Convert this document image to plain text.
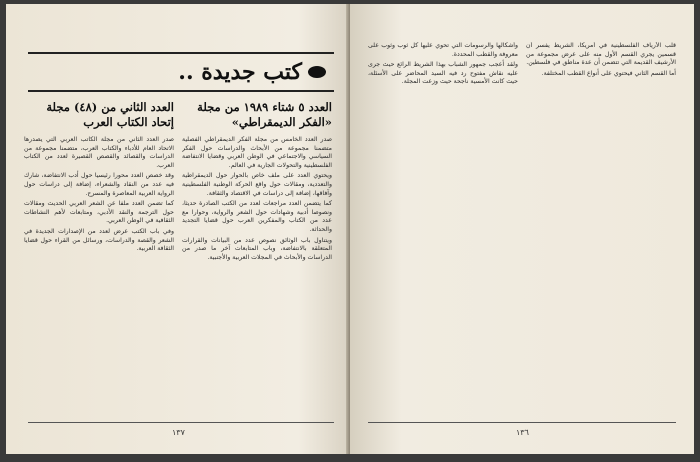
كتب جديدة ..
العدد ٥ شتاء ١٩٨٩ من مجلة «الفكر الديمقراطي»

صدر العدد الخامس من مجلة الفكر الديمقراطي الفصلية متضمنا مجموعة من الأبحاث والدراسات حول الفكر السياسي والاجتماعي في الوطن العربي وقضايا الانتفاضة الفلسطينية والتحولات الجارية في العالم.

ويحتوي العدد على ملف خاص بالحوار حول الديمقراطية والتعددية، ومقالات حول واقع الحركة الوطنية الفلسطينية وآفاقها، إضافة إلى دراسات في الاقتصاد والثقافة.

كما يتضمن العدد مراجعات لعدد من الكتب الصادرة حديثا، ونصوصا أدبية وشهادات حول الشعر والرواية، وحوارا مع عدد من الكتاب والمفكرين العرب حول قضايا التجديد والحداثة.

ويتناول باب الوثائق نصوص عدد من البيانات والقرارات المتعلقة بالانتفاضة، وباب المتابعات آخر ما صدر من الدراسات والأبحاث في المجلات العربية والأجنبية.

العدد الثاني من (٤٨) مجلة إتحاد الكتاب العرب

صدر العدد الثاني من مجلة الكاتب العربي التي يصدرها الاتحاد العام للأدباء والكتاب العرب، متضمنا مجموعة من الدراسات والقصائد والقصص القصيرة لعدد من الكتاب العرب.

وقد خصص العدد محورا رئيسيا حول أدب الانتفاضة، شارك فيه عدد من النقاد والشعراء، إضافة إلى دراسات حول الرواية العربية المعاصرة والمسرح.

كما تضمن العدد ملفا عن الشعر العربي الحديث ومقالات حول الترجمة والنقد الأدبي، ومتابعات لأهم النشاطات الثقافية في الوطن العربي.

وفي باب الكتب عرض لعدد من الإصدارات الجديدة في الشعر والقصة والدراسات، ورسائل من القراء حول قضايا الثقافة العربية.

١٣٧

قلب الأرياف الفلسطينية في أمريكا، الشريط يفسر أن قسمين يجري القسم الأول منه على عرض مجموعة من الأرشيف القديمة التي تتضمن أن عدة مناطق في فلسطين.

أما القسم الثاني فيحتوي على أنواع القطب المختلفة.

وأشكالها والرسومات التي تحوي عليها كل ثوب وثوب على معروفة والقطب المحددة.

ولقد أعجب جمهور الشباب بهذا الشريط الرائع حيث جرى عليه نقاش مفتوح رد فيه السيد المحاضر على الأسئلة، حيث كانت الأمسية ناجحة حيث وزعت المجلة.

١٣٦
